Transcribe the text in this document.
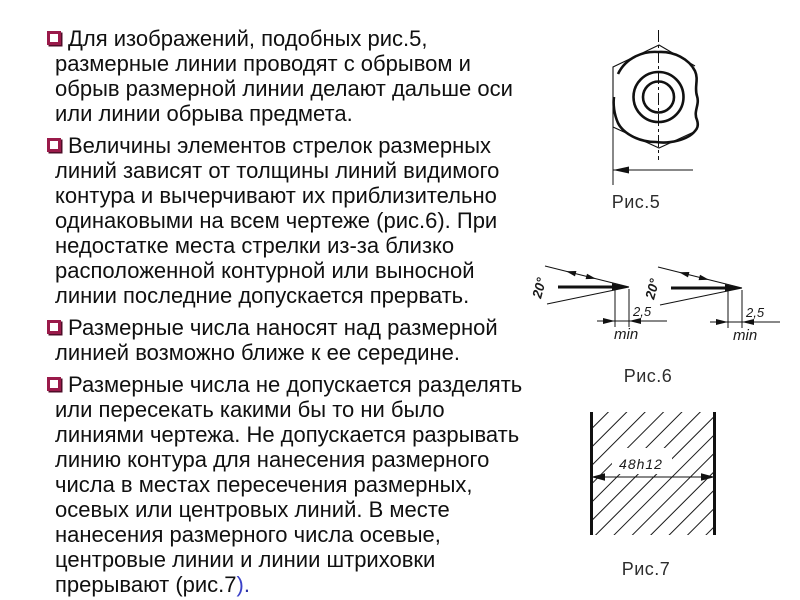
Для изображений, подобных рис.5,
размерные линии проводят с обрывом и
обрыв размерной линии делают дальше оси
или линии обрыва предмета.
Величины элементов стрелок размерных
линий зависят от толщины линий видимого
контура и вычерчивают их приблизительно
одинаковыми на всем чертеже (рис.6). При
недостатке места стрелки из-за близко
расположенной контурной или выносной
линии последние допускается прервать.
Размерные числа наносят над размерной
линией возможно ближе к ее середине.
Размерные числа не допускается разделять
или пересекать какими бы то ни было
линиями чертежа. Не допускается разрывать
линию контура для нанесения размерного
числа в местах пересечения размерных,
осевых или центровых линий. В месте
нанесения размерного числа осевые,
центровые линии и линии штриховки
прерывают (рис.7).
Рис.5
2,5
min
20°
2,5
min
20°
Рис.6
48h12
Рис.7
